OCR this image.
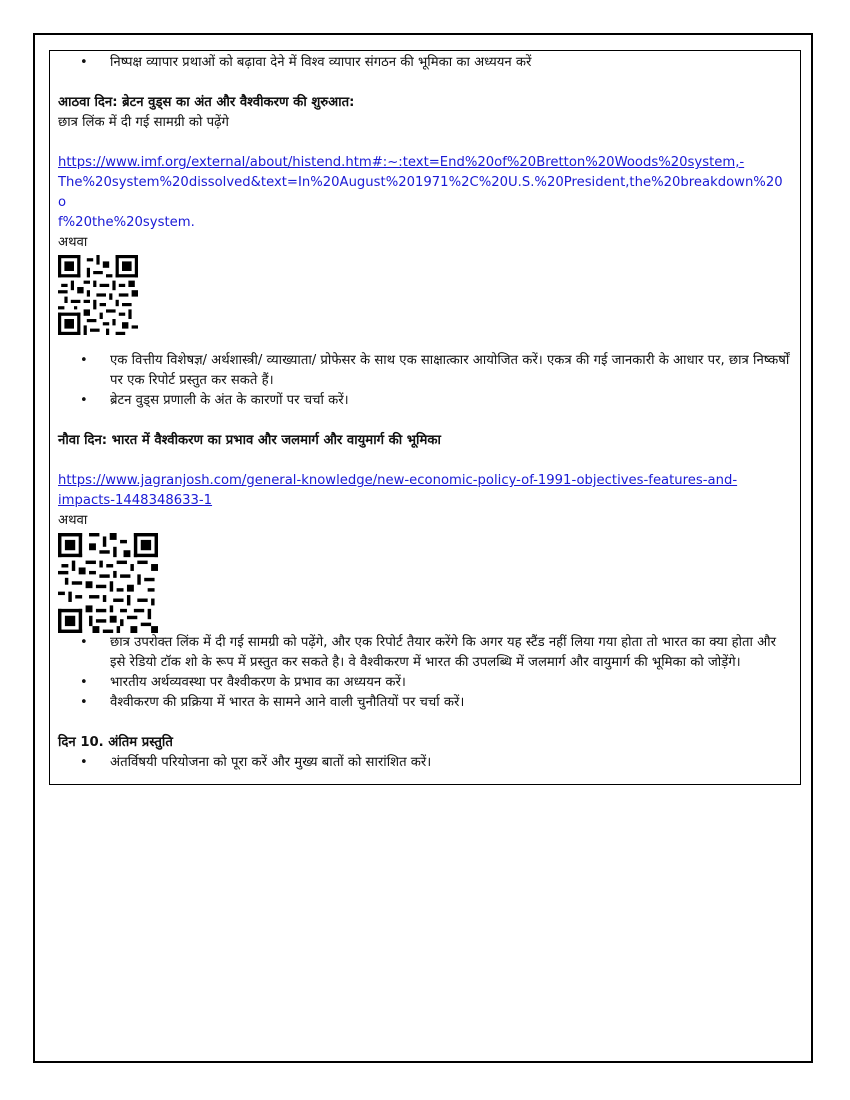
• निष्पक्ष व्यापार प्रथाओं को बढ़ावा देने में विश्व व्यापार संगठन की भूमिका का अध्ययन करें
आठवा दिन: ब्रेटन वुड्स का अंत और वैश्वीकरण की शुरुआत:
छात्र लिंक में दी गई सामग्री को पढ़ेंगे
https://www.imf.org/external/about/histend.htm#:~:text=End%20of%20Bretton%20Woods%20system,-
The%20system%20dissolved&text=In%20August%201971%2C%20U.S.%20President,the%20breakdown%20o
f%20the%20system.
अथवा
• एक वित्तीय विशेषज्ञ/ अर्थशास्त्री/ व्याख्याता/ प्रोफेसर के साथ एक साक्षात्कार आयोजित करें। एकत्र की गई जानकारी के आधार पर, छात्र निष्कर्षों पर एक रिपोर्ट प्रस्तुत कर सकते हैं।
• ब्रेटन वुड्स प्रणाली के अंत के कारणों पर चर्चा करें।
नौवा दिन: भारत में वैश्वीकरण का प्रभाव और जलमार्ग और वायुमार्ग की भूमिका
https://www.jagranjosh.com/general-knowledge/new-economic-policy-of-1991-objectives-features-and-
impacts-1448348633-1
अथवा
• छात्र उपरोक्त लिंक में दी गई सामग्री को पढ़ेंगे, और एक रिपोर्ट तैयार करेंगे कि अगर यह स्टैंड नहीं लिया गया होता तो भारत का क्या होता और इसे रेडियो टॉक शो के रूप में प्रस्तुत कर सकते है। वे वैश्वीकरण में भारत की उपलब्धि में जलमार्ग और वायुमार्ग की भूमिका को जोड़ेंगे।
• भारतीय अर्थव्यवस्था पर वैश्वीकरण के प्रभाव का अध्ययन करें।
• वैश्वीकरण की प्रक्रिया में भारत के सामने आने वाली चुनौतियों पर चर्चा करें।
दिन 10. अंतिम प्रस्तुति
• अंतर्विषयी परियोजना को पूरा करें और मुख्य बातों को सारांशित करें।
